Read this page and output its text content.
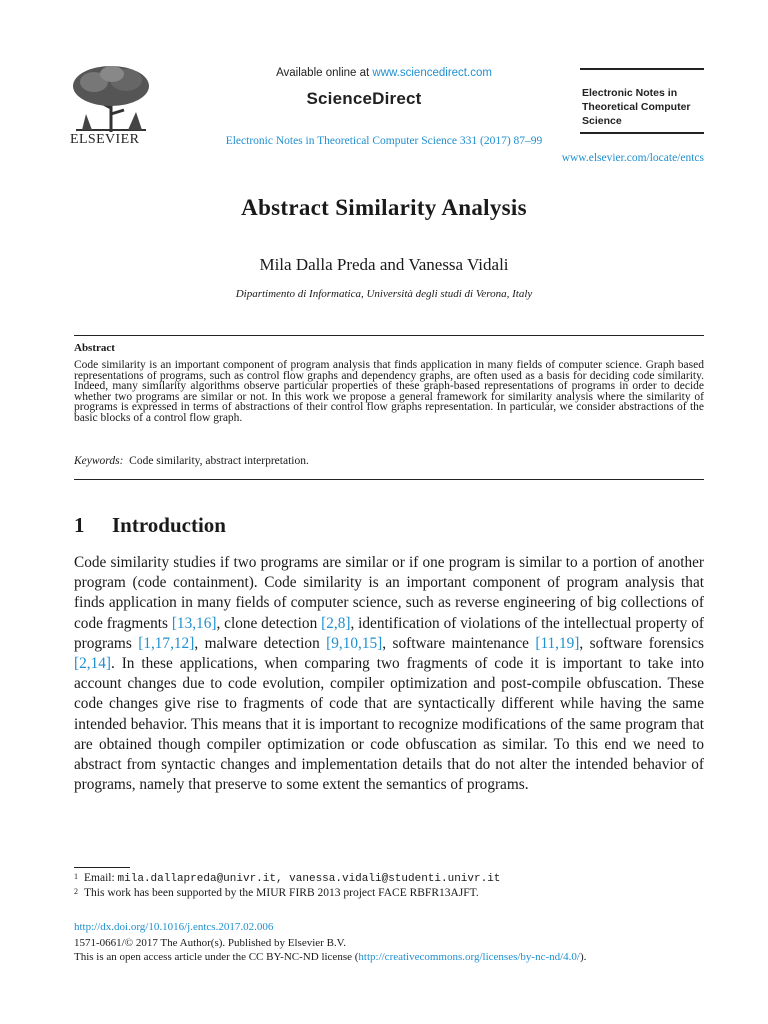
ELSEVIER
Available online at www.sciencedirect.com
ScienceDirect
Electronic Notes in Theoretical Computer Science 331 (2017) 87–99
Electronic Notes in
Theoretical Computer
Science
www.elsevier.com/locate/entcs
Abstract Similarity Analysis
Mila Dalla Preda and Vanessa Vidali
Dipartimento di Informatica, Università degli studi di Verona, Italy
Abstract
Code similarity is an important component of program analysis that finds application in many fields of computer science. Graph based representations of programs, such as control flow graphs and dependency graphs, are often used as a basis for deciding code similarity. Indeed, many similarity algorithms observe particular properties of these graph-based representations of programs in order to decide whether two programs are similar or not. In this work we propose a general framework for similarity analysis where the similarity of programs is expressed in terms of abstractions of their control flow graphs representation. In particular, we consider abstractions of the basic blocks of a control flow graph.
Keywords: Code similarity, abstract interpretation.
1 Introduction
Code similarity studies if two programs are similar or if one program is similar to a portion of another program (code containment). Code similarity is an important component of program analysis that finds application in many fields of computer science, such as reverse engineering of big collections of code fragments [13,16], clone detection [2,8], identification of violations of the intellectual property of programs [1,17,12], malware detection [9,10,15], software maintenance [11,19], software forensics [2,14]. In these applications, when comparing two fragments of code it is important to take into account changes due to code evolution, compiler optimization and post-compile obfuscation. These code changes give rise to fragments of code that are syntactically different while having the same intended behavior. This means that it is important to recognize modifications of the same program that are obtained though compiler optimization or code obfuscation as similar. To this end we need to abstract from syntactic changes and implementation details that do not alter the intended behavior of programs, namely that preserve to some extent the semantics of programs.
$^1$ Email: mila.dallapreda@univr.it, vanessa.vidali@studenti.univr.it
$^2$ This work has been supported by the MIUR FIRB 2013 project FACE RBFR13AJFT.
http://dx.doi.org/10.1016/j.entcs.2017.02.006
1571-0661/© 2017 The Author(s). Published by Elsevier B.V.
This is an open access article under the CC BY-NC-ND license (http://creativecommons.org/licenses/by-nc-nd/4.0/).
